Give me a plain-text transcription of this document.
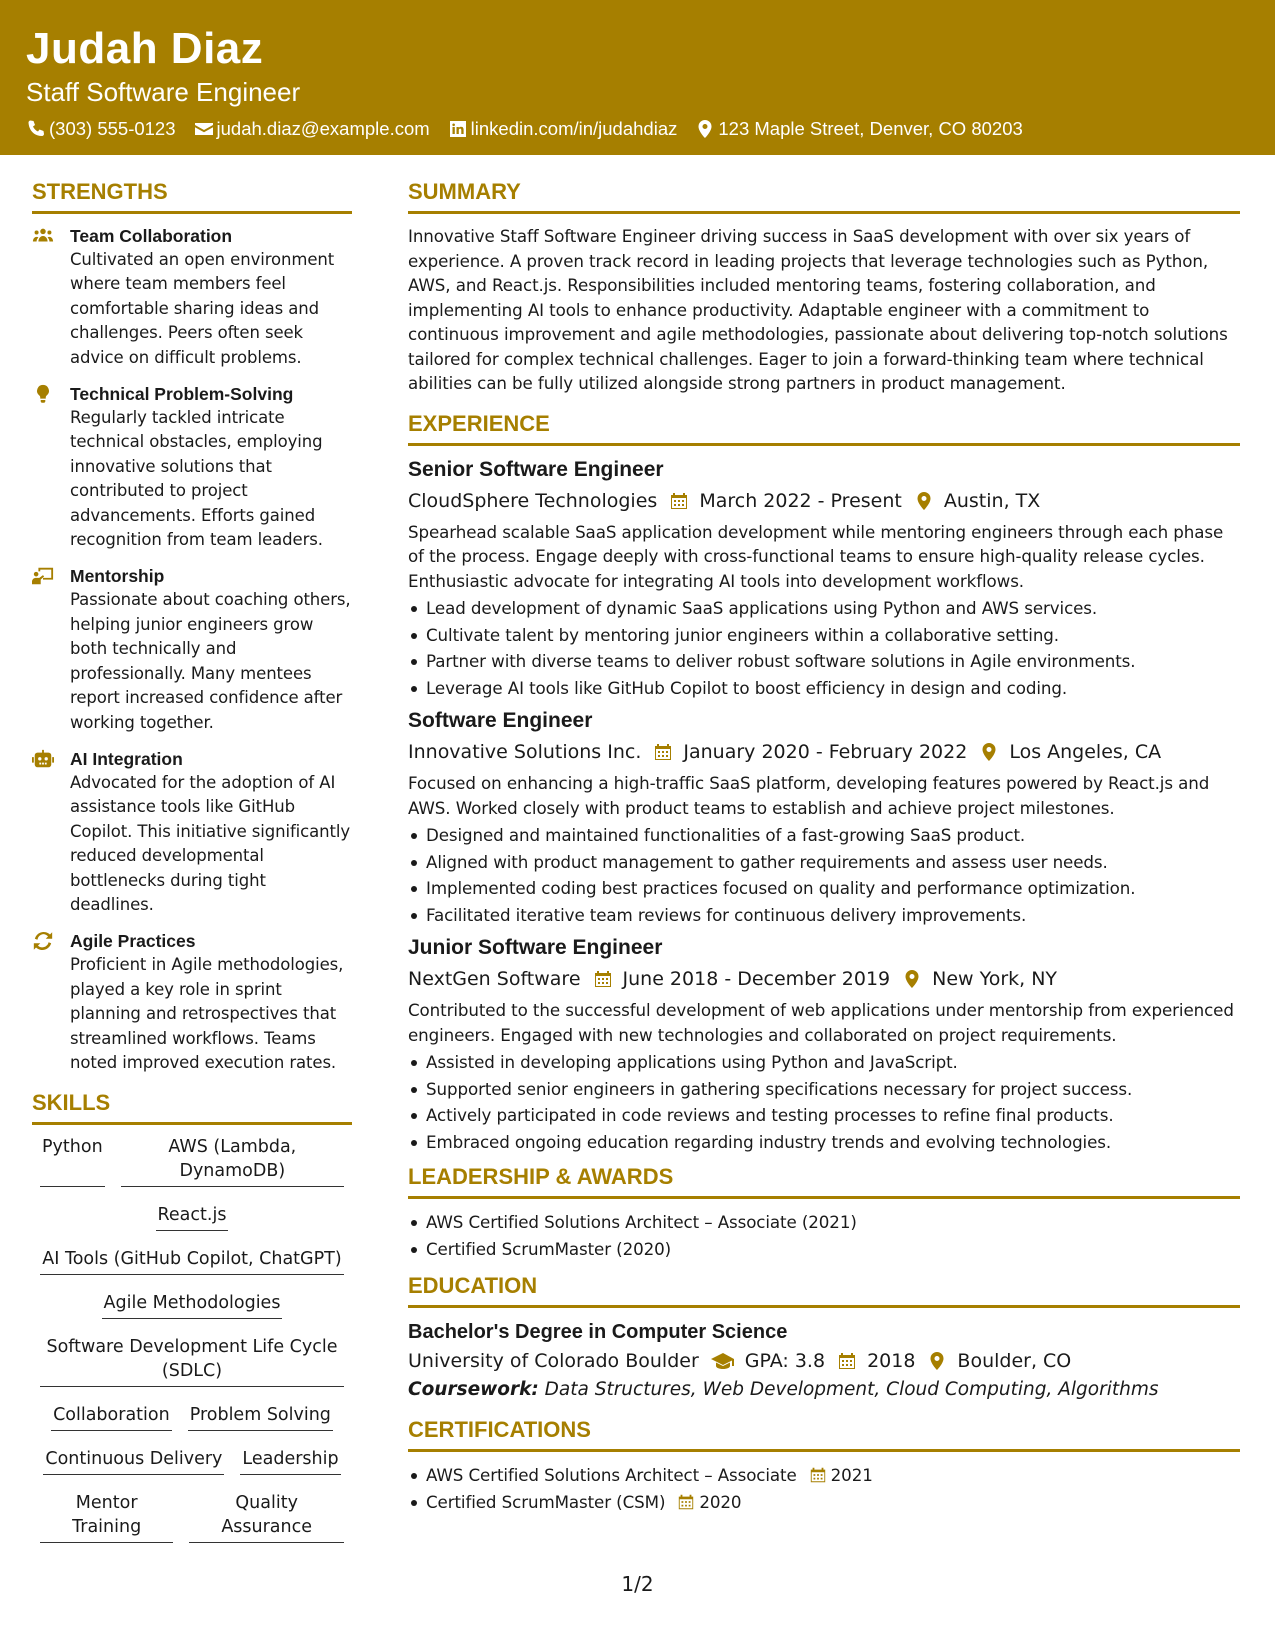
Judah Diaz
Staff Software Engineer
(303) 555-0123 judah.diaz@example.com linkedin.com/in/judahdiaz 123 Maple Street, Denver, CO 80203
STRENGTHS
Team Collaboration
Cultivated an open environment where team members feel comfortable sharing ideas and challenges. Peers often seek advice on difficult problems.
Technical Problem-Solving
Regularly tackled intricate technical obstacles, employing innovative solutions that contributed to project advancements. Efforts gained recognition from team leaders.
Mentorship
Passionate about coaching others, helping junior engineers grow both technically and professionally. Many mentees report increased confidence after working together.
AI Integration
Advocated for the adoption of AI assistance tools like GitHub Copilot. This initiative significantly reduced developmental bottlenecks during tight deadlines.
Agile Practices
Proficient in Agile methodologies, played a key role in sprint planning and retrospectives that streamlined workflows. Teams noted improved execution rates.
SKILLS
Python	AWS (Lambda, DynamoDB)
React.js
AI Tools (GitHub Copilot, ChatGPT)
Agile Methodologies
Software Development Life Cycle (SDLC)
Collaboration Problem Solving
Continuous Delivery Leadership
Mentor Training
Quality Assurance
SUMMARY
Innovative Staff Software Engineer driving success in SaaS development with over six years of experience. A proven track record in leading projects that leverage technologies such as Python, AWS, and React.js. Responsibilities included mentoring teams, fostering collaboration, and implementing AI tools to enhance productivity. Adaptable engineer with a commitment to continuous improvement and agile methodologies, passionate about delivering top-notch solutions tailored for complex technical challenges. Eager to join a forward-thinking team where technical abilities can be fully utilized alongside strong partners in product management.
EXPERIENCE
Senior Software Engineer
CloudSphere Technologies March 2022 - Present Austin, TX
Spearhead scalable SaaS application development while mentoring engineers through each phase of the process. Engage deeply with cross-functional teams to ensure high-quality release cycles. Enthusiastic advocate for integrating AI tools into development workflows.
Lead development of dynamic SaaS applications using Python and AWS services.
Cultivate talent by mentoring junior engineers within a collaborative setting.
Partner with diverse teams to deliver robust software solutions in Agile environments.
Leverage AI tools like GitHub Copilot to boost efficiency in design and coding.
Software Engineer
Innovative Solutions Inc. January 2020 - February 2022 Los Angeles, CA
Focused on enhancing a high-traffic SaaS platform, developing features powered by React.js and AWS. Worked closely with product teams to establish and achieve project milestones.
Designed and maintained functionalities of a fast-growing SaaS product.
Aligned with product management to gather requirements and assess user needs.
Implemented coding best practices focused on quality and performance optimization.
Facilitated iterative team reviews for continuous delivery improvements.
Junior Software Engineer
NextGen Software June 2018 - December 2019 New York, NY
Contributed to the successful development of web applications under mentorship from experienced engineers. Engaged with new technologies and collaborated on project requirements.
Assisted in developing applications using Python and JavaScript.
Supported senior engineers in gathering specifications necessary for project success.
Actively participated in code reviews and testing processes to refine final products.
Embraced ongoing education regarding industry trends and evolving technologies.
LEADERSHIP & AWARDS
AWS Certified Solutions Architect – Associate (2021)
Certified ScrumMaster (2020)
EDUCATION
Bachelor's Degree in Computer Science
University of Colorado Boulder GPA: 3.8 2018 Boulder, CO
Coursework: Data Structures, Web Development, Cloud Computing, Algorithms
CERTIFICATIONS
AWS Certified Solutions Architect – Associate 2021
Certified ScrumMaster (CSM) 2020
1/2
